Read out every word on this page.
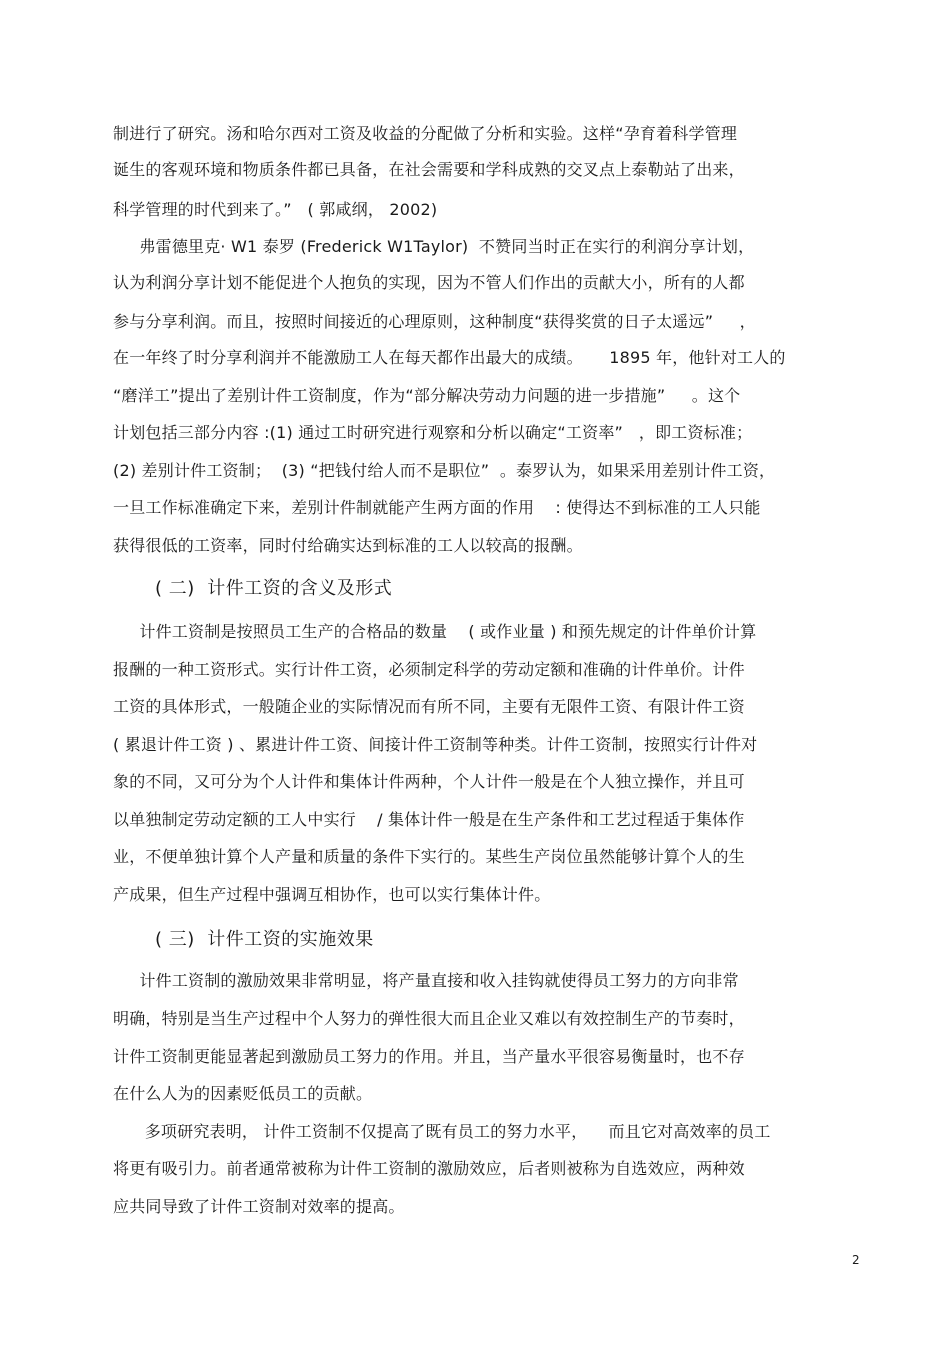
制进行了研究。汤和哈尔西对工资及收益的分配做了分析和实验。这样“孕育着科学管理
诞生的客观环境和物质条件都已具备，在社会需要和学科成熟的交叉点上泰勒站了出来，
科学管理的时代到来了。”   ( 郭咸纲， 2002)
弗雷德里克· W1 泰罗 (Frederick W1Taylor)  不赞同当时正在实行的利润分享计划，
认为利润分享计划不能促进个人抱负的实现，因为不管人们作出的贡献大小，所有的人都
参与分享利润。而且，按照时间接近的心理原则，这种制度“获得奖赏的日子太遥远”     ，
在一年终了时分享利润并不能激励工人在每天都作出最大的成绩。     1895 年，他针对工人的
“磨洋工”提出了差别计件工资制度，作为“部分解决劳动力问题的进一步措施”     。这个
计划包括三部分内容 :(1) 通过工时研究进行观察和分析以确定“工资率”   ，即工资标准；
(2) 差别计件工资制；  (3) “把钱付给人而不是职位”  。泰罗认为，如果采用差别计件工资，
一旦工作标准确定下来，差别计件制就能产生两方面的作用    : 使得达不到标准的工人只能
获得很低的工资率，同时付给确实达到标准的工人以较高的报酬。
( 二)  计件工资的含义及形式
计件工资制是按照员工生产的合格品的数量    ( 或作业量 ) 和预先规定的计件单价计算
报酬的一种工资形式。实行计件工资，必须制定科学的劳动定额和准确的计件单价。计件
工资的具体形式，一般随企业的实际情况而有所不同，主要有无限件工资、有限计件工资
( 累退计件工资 ) 、累进计件工资、间接计件工资制等种类。计件工资制，按照实行计件对
象的不同，又可分为个人计件和集体计件两种，个人计件一般是在个人独立操作，并且可
以单独制定劳动定额的工人中实行    / 集体计件一般是在生产条件和工艺过程适于集体作
业，不便单独计算个人产量和质量的条件下实行的。某些生产岗位虽然能够计算个人的生
产成果，但生产过程中强调互相协作，也可以实行集体计件。
( 三)  计件工资的实施效果
计件工资制的激励效果非常明显，将产量直接和收入挂钩就使得员工努力的方向非常
明确，特别是当生产过程中个人努力的弹性很大而且企业又难以有效控制生产的节奏时，
计件工资制更能显著起到激励员工努力的作用。并且，当产量水平很容易衡量时，也不存
在什么人为的因素贬低员工的贡献。
多项研究表明， 计件工资制不仅提高了既有员工的努力水平，    而且它对高效率的员工
将更有吸引力。前者通常被称为计件工资制的激励效应，后者则被称为自选效应，两种效
应共同导致了计件工资制对效率的提高。
2
